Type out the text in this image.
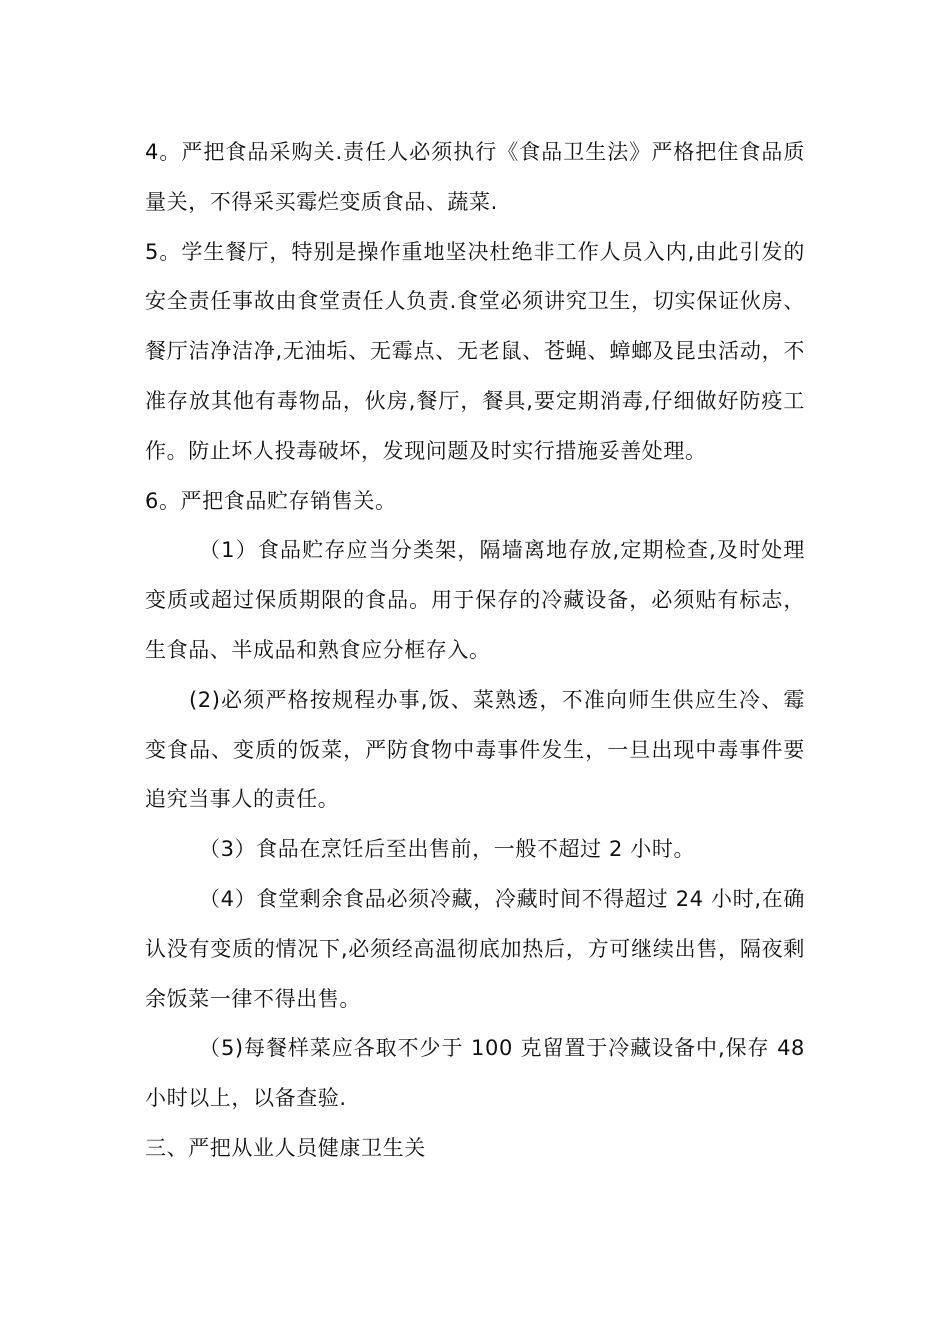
4。严把食品采购关.责任人必须执行《食品卫生法》严格把住食品质量关，不得采买霉烂变质食品、蔬菜.

5。学生餐厅，特别是操作重地坚决杜绝非工作人员入内,由此引发的安全责任事故由食堂责任人负责.食堂必须讲究卫生，切实保证伙房、餐厅洁净洁净,无油垢、无霉点、无老鼠、苍蝇、蟑螂及昆虫活动，不准存放其他有毒物品，伙房,餐厅，餐具,要定期消毒,仔细做好防疫工作。防止坏人投毒破坏，发现问题及时实行措施妥善处理。

6。严把食品贮存销售关。

（1）食品贮存应当分类架，隔墙离地存放,定期检查,及时处理变质或超过保质期限的食品。用于保存的冷藏设备，必须贴有标志，生食品、半成品和熟食应分框存入。

(2)必须严格按规程办事,饭、菜熟透，不准向师生供应生冷、霉变食品、变质的饭菜，严防食物中毒事件发生，一旦出现中毒事件要追究当事人的责任。

（3）食品在烹饪后至出售前，一般不超过 2 小时。

（4）食堂剩余食品必须冷藏，冷藏时间不得超过 24 小时,在确认没有变质的情况下,必须经高温彻底加热后，方可继续出售，隔夜剩余饭菜一律不得出售。

（5)每餐样菜应各取不少于 100 克留置于冷藏设备中,保存 48 小时以上，以备查验.

三、严把从业人员健康卫生关
